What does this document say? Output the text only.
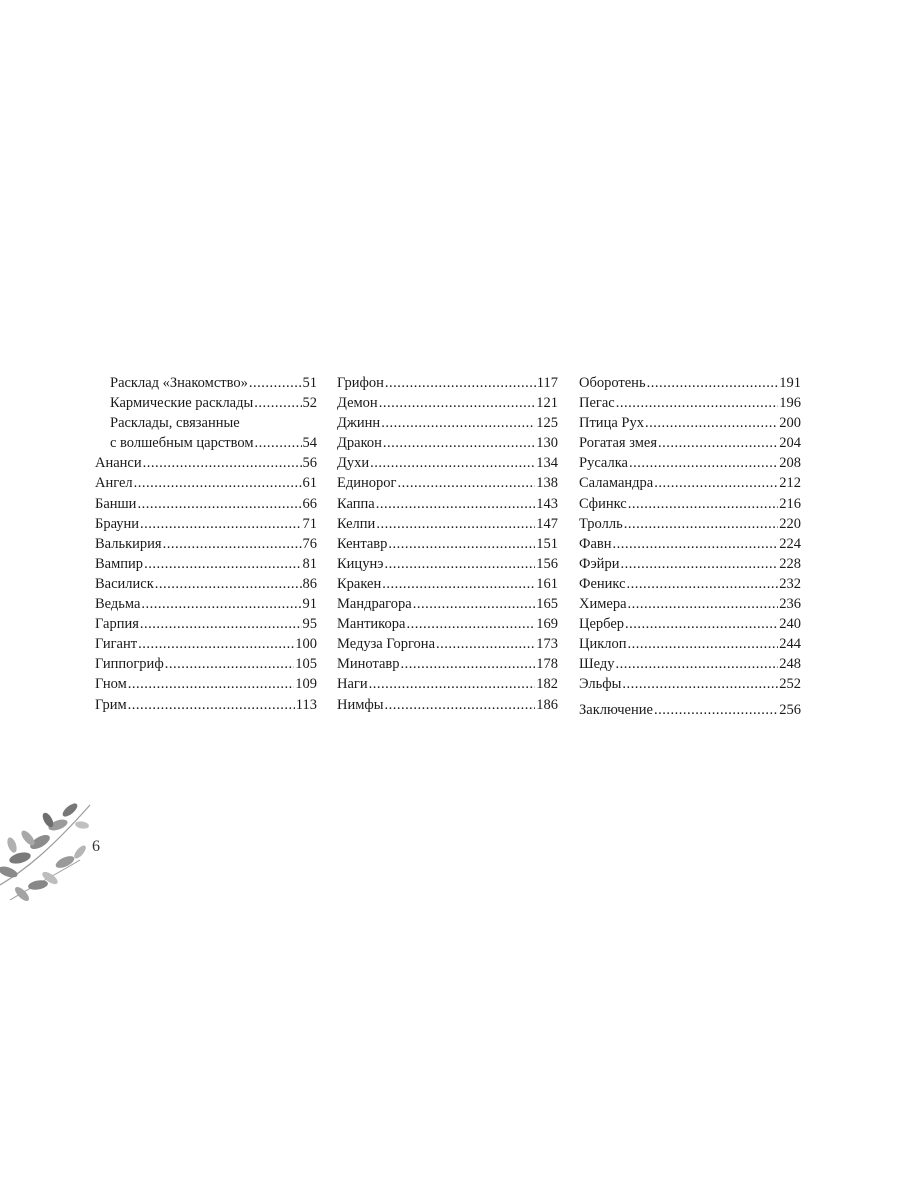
Расклад «Знакомство» .....	51
Кармические расклады .....	52
Расклады, связанные
с волшебным царством .....	54
Ананси .....	56
Ангел .....	61
Банши .....	66
Брауни .....	71
Валькирия .....	76
Вампир .....	81
Василиск .....	86
Ведьма .....	91
Гарпия .....	95
Гигант .....	100
Гиппогриф .....	105
Гном .....	109
Грим .....	113
Грифон .....	117
Демон .....	121
Джинн .....	125
Дракон .....	130
Духи .....	134
Единорог .....	138
Каппа .....	143
Келпи .....	147
Кентавр .....	151
Кицунэ .....	156
Кракен .....	161
Мандрагора .....	165
Мантикора .....	169
Медуза Горгона .....	173
Минотавр .....	178
Наги .....	182
Нимфы .....	186
Оборотень .....	191
Пегас .....	196
Птица Рух .....	200
Рогатая змея .....	204
Русалка .....	208
Саламандра .....	212
Сфинкс .....	216
Тролль .....	220
Фавн .....	224
Фэйри .....	228
Феникс .....	232
Химера .....	236
Цербер .....	240
Циклоп .....	244
Шеду .....	248
Эльфы .....	252
Заключение .....	256
6
